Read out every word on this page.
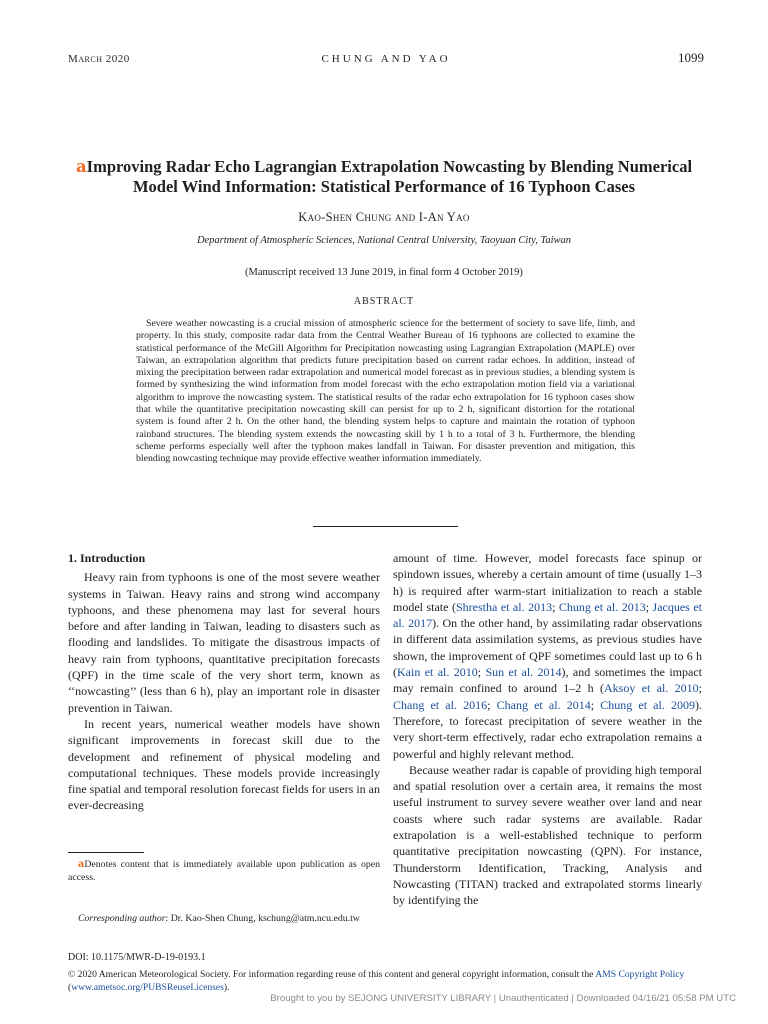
March 2020	CHUNG AND YAO	1099
𝐚Improving Radar Echo Lagrangian Extrapolation Nowcasting by Blending Numerical Model Wind Information: Statistical Performance of 16 Typhoon Cases
Kao-Shen Chung and I-An Yao
Department of Atmospheric Sciences, National Central University, Taoyuan City, Taiwan
(Manuscript received 13 June 2019, in final form 4 October 2019)
ABSTRACT
Severe weather nowcasting is a crucial mission of atmospheric science for the betterment of society to save life, limb, and property. In this study, composite radar data from the Central Weather Bureau of 16 typhoons are collected to examine the statistical performance of the McGill Algorithm for Precipitation nowcasting using Lagrangian Extrapolation (MAPLE) over Taiwan, an extrapolation algorithm that predicts future precipitation based on current radar echoes. In addition, instead of mixing the precipitation between radar extrapolation and numerical model forecast as in previous studies, a blending system is formed by synthesizing the wind information from model forecast with the echo extrapolation motion field via a variational algorithm to improve the nowcasting system. The statistical results of the radar echo extrapolation for 16 typhoon cases show that while the quantitative precipitation nowcasting skill can persist for up to 2 h, significant distortion for the rotational system is found after 2 h. On the other hand, the blending system helps to capture and maintain the rotation of typhoon rainband structures. The blending system extends the nowcasting skill by 1 h to a total of 3 h. Furthermore, the blending scheme performs especially well after the typhoon makes landfall in Taiwan. For disaster prevention and mitigation, this blending nowcasting technique may provide effective weather information immediately.

1. Introduction

Heavy rain from typhoons is one of the most severe weather systems in Taiwan. Heavy rains and strong wind accompany typhoons, and these phenomena may last for several hours before and after landing in Taiwan, leading to disasters such as flooding and landslides. To mitigate the disastrous impacts of heavy rain from typhoons, quantitative precipitation forecasts (QPF) in the time scale of the very short term, known as ‘‘nowcasting’’ (less than 6 h), play an important role in disaster prevention in Taiwan.

In recent years, numerical weather models have shown significant improvements in forecast skill due to the development and refinement of physical modeling and computational techniques. These models provide increasingly fine spatial and temporal resolution forecast fields for users in an ever-decreasing

amount of time. However, model forecasts face spinup or spindown issues, whereby a certain amount of time (usually 1–3 h) is required after warm-start initialization to reach a stable model state (Shrestha et al. 2013; Chung et al. 2013; Jacques et al. 2017). On the other hand, by assimilating radar observations in different data assimilation systems, as previous studies have shown, the improvement of QPF sometimes could last up to 6 h (Kain et al. 2010; Sun et al. 2014), and sometimes the impact may remain confined to around 1–2 h (Aksoy et al. 2010; Chang et al. 2016; Chang et al. 2014; Chung et al. 2009). Therefore, to forecast precipitation of severe weather in the very short-term effectively, radar echo extrapolation remains a powerful and highly relevant method.

Because weather radar is capable of providing high temporal and spatial resolution over a certain area, it remains the most useful instrument to survey severe weather over land and near coasts where such radar systems are available. Radar extrapolation is a well-established technique to perform quantitative precipitation nowcasting (QPN). For instance, Thunderstorm Identification, Tracking, Analysis and Nowcasting (TITAN) tracked and extrapolated storms linearly by identifying the

𝐚Denotes content that is immediately available upon publication as open access.
Corresponding author: Dr. Kao-Shen Chung, kschung@atm.ncu.edu.tw
DOI: 10.1175/MWR-D-19-0193.1
© 2020 American Meteorological Society. For information regarding reuse of this content and general copyright information, consult the AMS Copyright Policy (www.ametsoc.org/PUBSReuseLicenses).
Brought to you by SEJONG UNIVERSITY LIBRARY | Unauthenticated | Downloaded 04/16/21 05:58 PM UTC
